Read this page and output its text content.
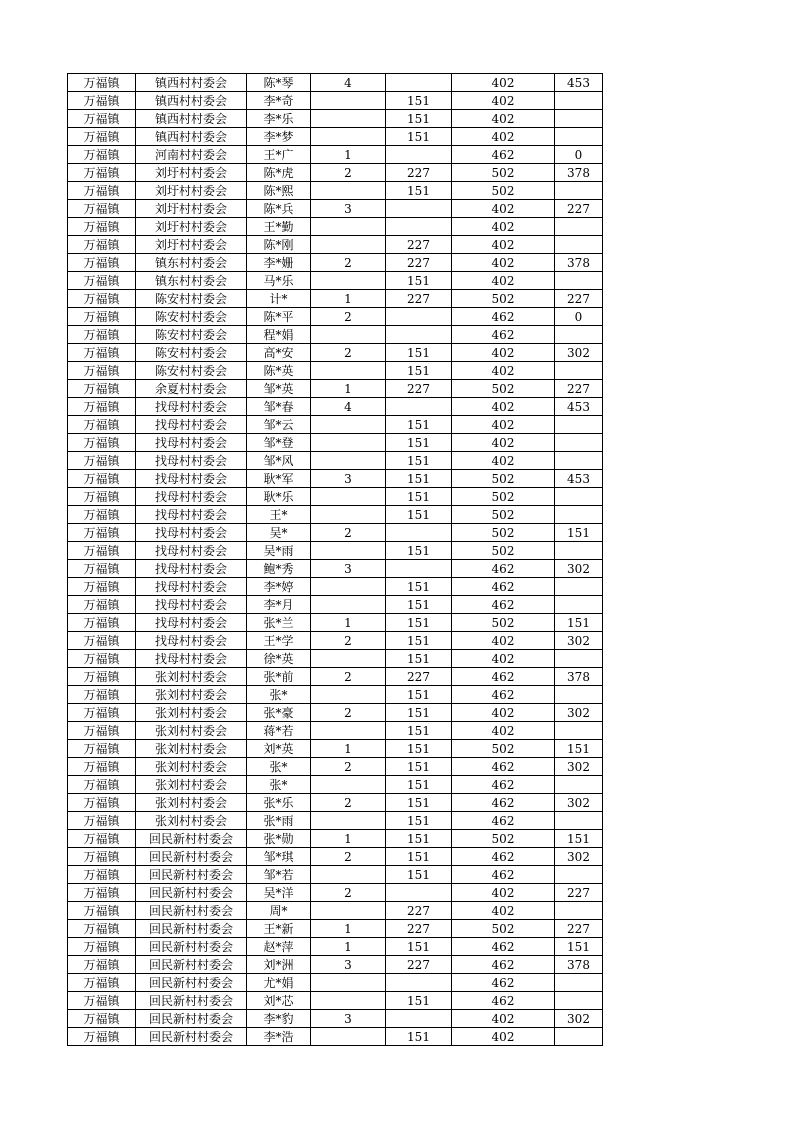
万福镇	镇西村村委会	陈*琴	4		402	453
万福镇	镇西村村委会	李*奇		151	402	
万福镇	镇西村村委会	李*乐		151	402	
万福镇	镇西村村委会	李*梦		151	402	
万福镇	河南村村委会	王*广	1		462	0
万福镇	刘圩村村委会	陈*虎	2	227	502	378
万福镇	刘圩村村委会	陈*熙		151	502	
万福镇	刘圩村村委会	陈*兵	3		402	227
万福镇	刘圩村村委会	王*勤			402	
万福镇	刘圩村村委会	陈*刚		227	402	
万福镇	镇东村村委会	李*姗	2	227	402	378
万福镇	镇东村村委会	马*乐		151	402	
万福镇	陈安村村委会	计*	1	227	502	227
万福镇	陈安村村委会	陈*平	2		462	0
万福镇	陈安村村委会	程*娟			462	
万福镇	陈安村村委会	高*安	2	151	402	302
万福镇	陈安村村委会	陈*英		151	402	
万福镇	余夏村村委会	邹*英	1	227	502	227
万福镇	找母村村委会	邹*春	4		402	453
万福镇	找母村村委会	邹*云		151	402	
万福镇	找母村村委会	邹*登		151	402	
万福镇	找母村村委会	邹*风		151	402	
万福镇	找母村村委会	耿*军	3	151	502	453
万福镇	找母村村委会	耿*乐		151	502	
万福镇	找母村村委会	王*		151	502	
万福镇	找母村村委会	吴*	2		502	151
万福镇	找母村村委会	吴*雨		151	502	
万福镇	找母村村委会	鲍*秀	3		462	302
万福镇	找母村村委会	李*婷		151	462	
万福镇	找母村村委会	李*月		151	462	
万福镇	找母村村委会	张*兰	1	151	502	151
万福镇	找母村村委会	王*学	2	151	402	302
万福镇	找母村村委会	徐*英		151	402	
万福镇	张刘村村委会	张*前	2	227	462	378
万福镇	张刘村村委会	张*		151	462	
万福镇	张刘村村委会	张*豪	2	151	402	302
万福镇	张刘村村委会	蒋*若		151	402	
万福镇	张刘村村委会	刘*英	1	151	502	151
万福镇	张刘村村委会	张*	2	151	462	302
万福镇	张刘村村委会	张*		151	462	
万福镇	张刘村村委会	张*乐	2	151	462	302
万福镇	张刘村村委会	张*雨		151	462	
万福镇	回民新村村委会	张*勋	1	151	502	151
万福镇	回民新村村委会	邹*琪	2	151	462	302
万福镇	回民新村村委会	邹*若		151	462	
万福镇	回民新村村委会	吴*洋	2		402	227
万福镇	回民新村村委会	周*		227	402	
万福镇	回民新村村委会	王*新	1	227	502	227
万福镇	回民新村村委会	赵*萍	1	151	462	151
万福镇	回民新村村委会	刘*洲	3	227	462	378
万福镇	回民新村村委会	尤*娟			462	
万福镇	回民新村村委会	刘*芯		151	462	
万福镇	回民新村村委会	李*豹	3		402	302
万福镇	回民新村村委会	李*浩		151	402	
